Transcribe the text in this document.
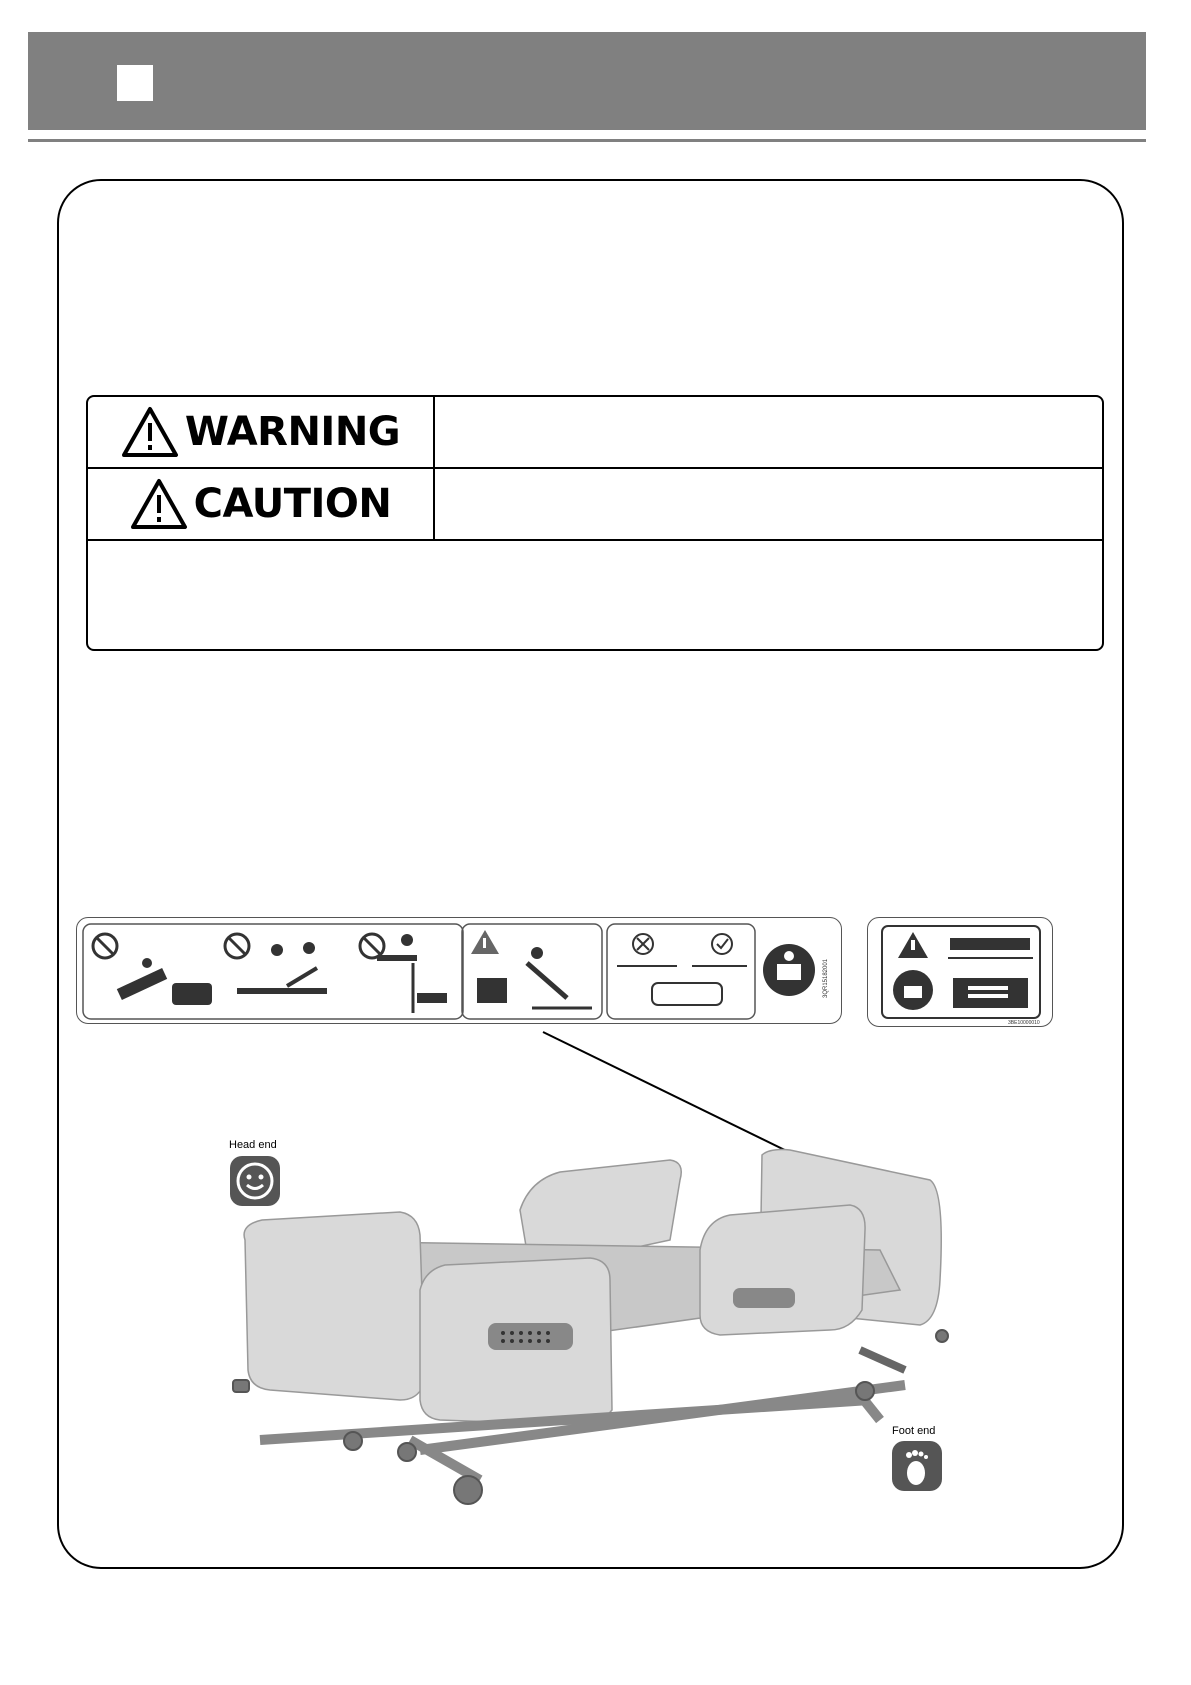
WARNING
CAUTION
3QR15182001
3BE10000010
Head end
Foot end
